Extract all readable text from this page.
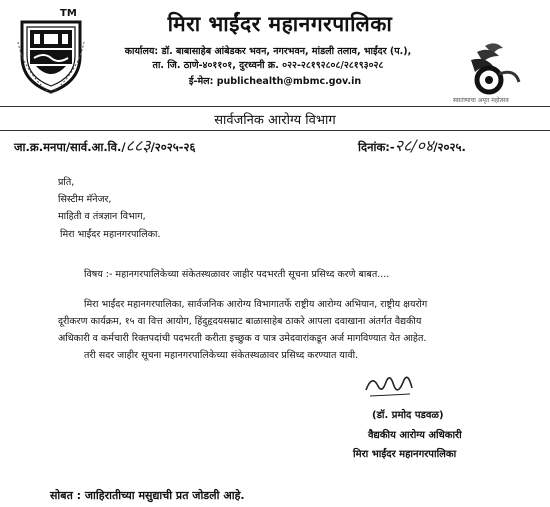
TM	मिरा भाईंदर महानगरपालिका
कार्यालय: डॉ. बाबासाहेब आंबेडकर भवन, नगरभवन, मांडली तलाव, भाईंदर (प.),
ता. जि. ठाणे-४०११०१, दुरध्वनी क्र. ०२२-२८१९२८०८/२८१९३०२८
ई-मेल: publichealth@mbmc.gov.in
स्वातंत्र्याचा अमृत महोत्सव
सार्वजनिक आरोग्य विभाग
जा.क्र.मनपा/सार्व.आ.वि./८८३/२०२५-२६	दिनांक:-२८/०४/२०२५.
प्रति,
सिस्टीम मॅनेजर,
माहिती व तंत्रज्ञान विभाग,
मिरा भाईंदर महानगरपालिका.
विषय :- महानगरपालिकेच्या संकेतस्थळावर जाहीर पदभरती सूचना प्रसिध्द करणे बाबत....
मिरा भाईंदर महानगरपालिका, सार्वजनिक आरोग्य विभागातर्फे राष्ट्रीय आरोग्य अभियान, राष्ट्रीय क्षयरोग
दूरीकरण कार्यक्रम, १५ वा वित्त आयोग, हिंदुहृदयसम्राट बाळासाहेब ठाकरे आपला दवाखाना अंतर्गत वैद्यकीय
अधिकारी व कर्मचारी रिक्तपदांची पदभरती करीता इच्छुक व पात्र उमेदवारांकडून अर्ज मागविण्यात येत आहेत.
तरी सदर जाहीर सूचना महानगरपालिकेच्या संकेतस्थळावर प्रसिध्द करण्यात यावी.
(डॉ. प्रमोद पडवळ)
वैद्यकीय आरोग्य अधिकारी
मिरा भाईंदर महानगरपालिका
सोबत : जाहिरातीच्या मसुद्याची प्रत जोडली आहे.
